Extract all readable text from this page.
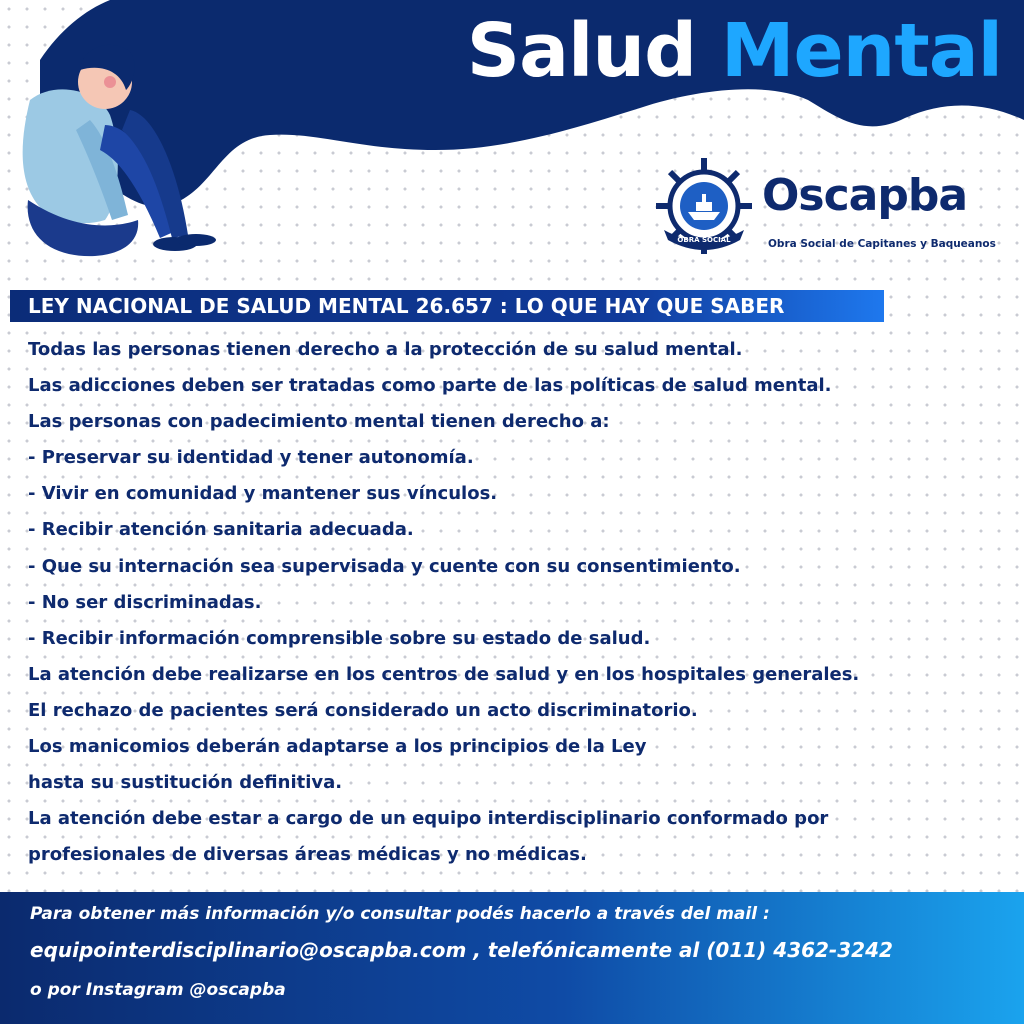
Salud Mental
OBRA SOCIAL

Oscapba

Obra Social de Capitanes y Baqueanos

LEY NACIONAL DE SALUD MENTAL 26.657 : LO QUE HAY QUE SABER
Todas las personas tienen derecho a la protección de su salud mental.
Las adicciones deben ser tratadas como parte de las políticas de salud mental.
Las personas con padecimiento mental tienen derecho a:
- Preservar su identidad y tener autonomía.
- Vivir en comunidad y mantener sus vínculos.
- Recibir atención sanitaria adecuada.
- Que su internación sea supervisada y cuente con su consentimiento.
- No ser discriminadas.
- Recibir información comprensible sobre su estado de salud.
La atención debe realizarse en los centros de salud y en los hospitales generales.
El rechazo de pacientes será considerado un acto discriminatorio.
Los manicomios deberán adaptarse a los principios de la Ley
hasta su sustitución definitiva.
La atención debe estar a cargo de un equipo interdisciplinario conformado por
profesionales de diversas áreas médicas y no médicas.

Para obtener más información y/o consultar podés hacerlo a través del mail :

equipointerdisciplinario@oscapba.com , telefónicamente al (011) 4362-3242

o por Instagram @oscapba
